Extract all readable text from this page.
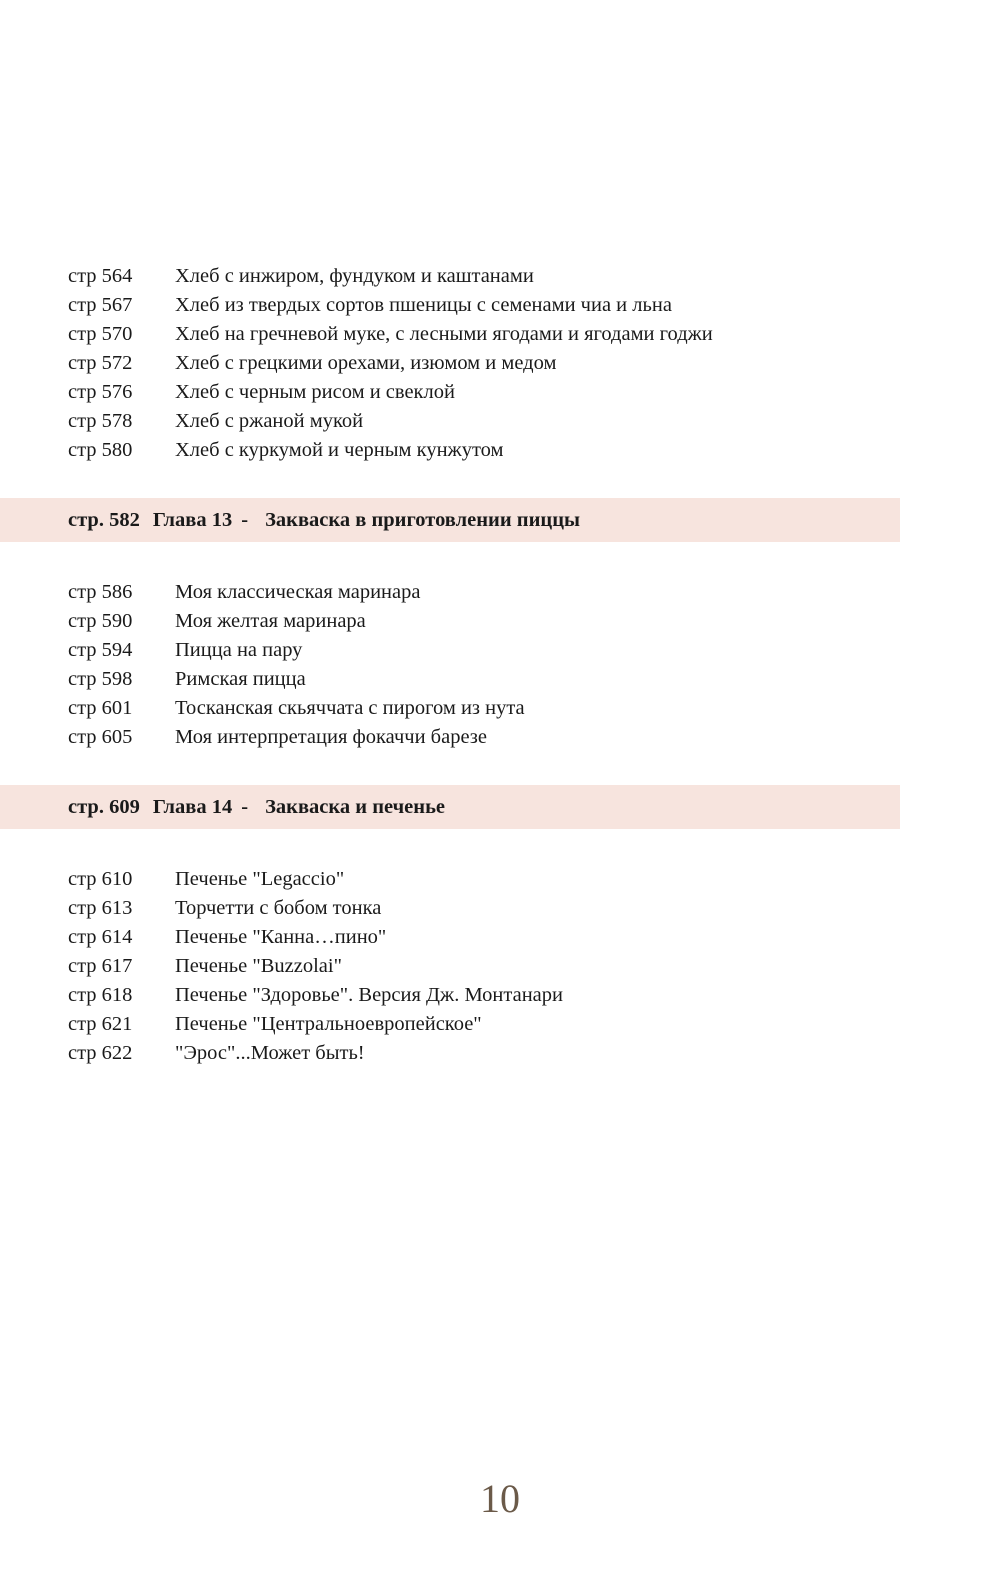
стр 564	Хлеб с инжиром, фундуком и каштанами
стр 567	Хлеб из твердых сортов пшеницы с семенами чиа и льна
стр 570	Хлеб на гречневой муке, с лесными ягодами и ягодами годжи
стр 572	Хлеб с грецкими орехами, изюмом и медом
стр 576	Хлеб с черным рисом и свеклой
стр 578	Хлеб с ржаной мукой
стр 580	Хлеб с куркумой и черным кунжутом
стр. 582 Глава 13 - Закваска в приготовлении пиццы
стр 586	Моя классическая маринара
стр 590	Моя желтая маринара
стр 594	Пицца на пару
стр 598	Римская пицца
стр 601	Тосканская скьяччата с пирогом из нута
стр 605	Моя интерпретация фокаччи барезе
стр. 609 Глава 14 - Закваска и печенье
стр 610	Печенье "Legaccio"
стр 613	Торчетти с бобом тонка
стр 614	Печенье "Канна…пино"
стр 617	Печенье "Buzzolai"
стр 618	Печенье "Здоровье". Версия Дж. Монтанари
стр 621	Печенье "Центральноевропейское"
стр 622	"Эрос"...Может быть!
10
